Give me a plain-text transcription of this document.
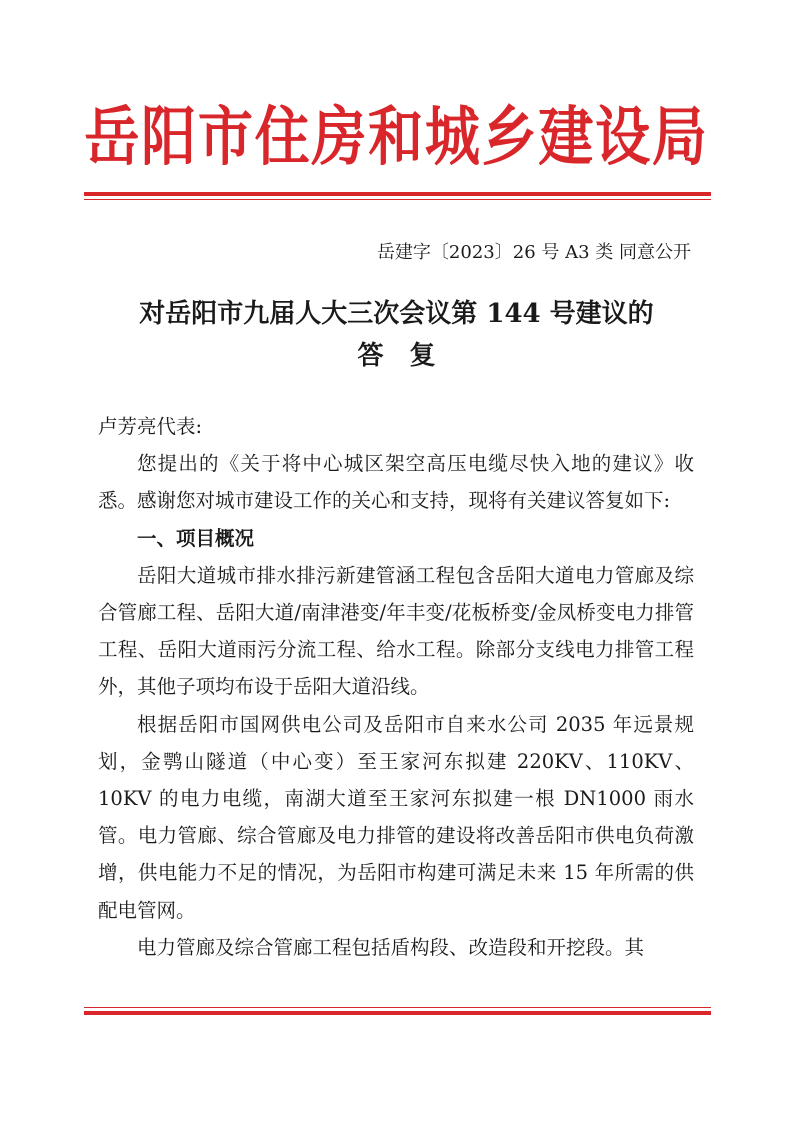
岳阳市住房和城乡建设局
岳建字〔2023〕26 号 A3 类 同意公开
对岳阳市九届人大三次会议第 144 号建议的
答复

卢芳亮代表:

您提出的《关于将中心城区架空高压电缆尽快入地的建议》收悉。感谢您对城市建设工作的关心和支持，现将有关建议答复如下:

一、项目概况

岳阳大道城市排水排污新建管涵工程包含岳阳大道电力管廊及综合管廊工程、岳阳大道/南津港变/年丰变/花板桥变/金凤桥变电力排管工程、岳阳大道雨污分流工程、给水工程。除部分支线电力排管工程外，其他子项均布设于岳阳大道沿线。

根据岳阳市国网供电公司及岳阳市自来水公司 2035 年远景规划，金鹗山隧道（中心变）至王家河东拟建 220KV、110KV、10KV 的电力电缆，南湖大道至王家河东拟建一根 DN1000 雨水管。电力管廊、综合管廊及电力排管的建设将改善岳阳市供电负荷激增，供电能力不足的情况，为岳阳市构建可满足未来 15 年所需的供配电管网。

电力管廊及综合管廊工程包括盾构段、改造段和开挖段。其
